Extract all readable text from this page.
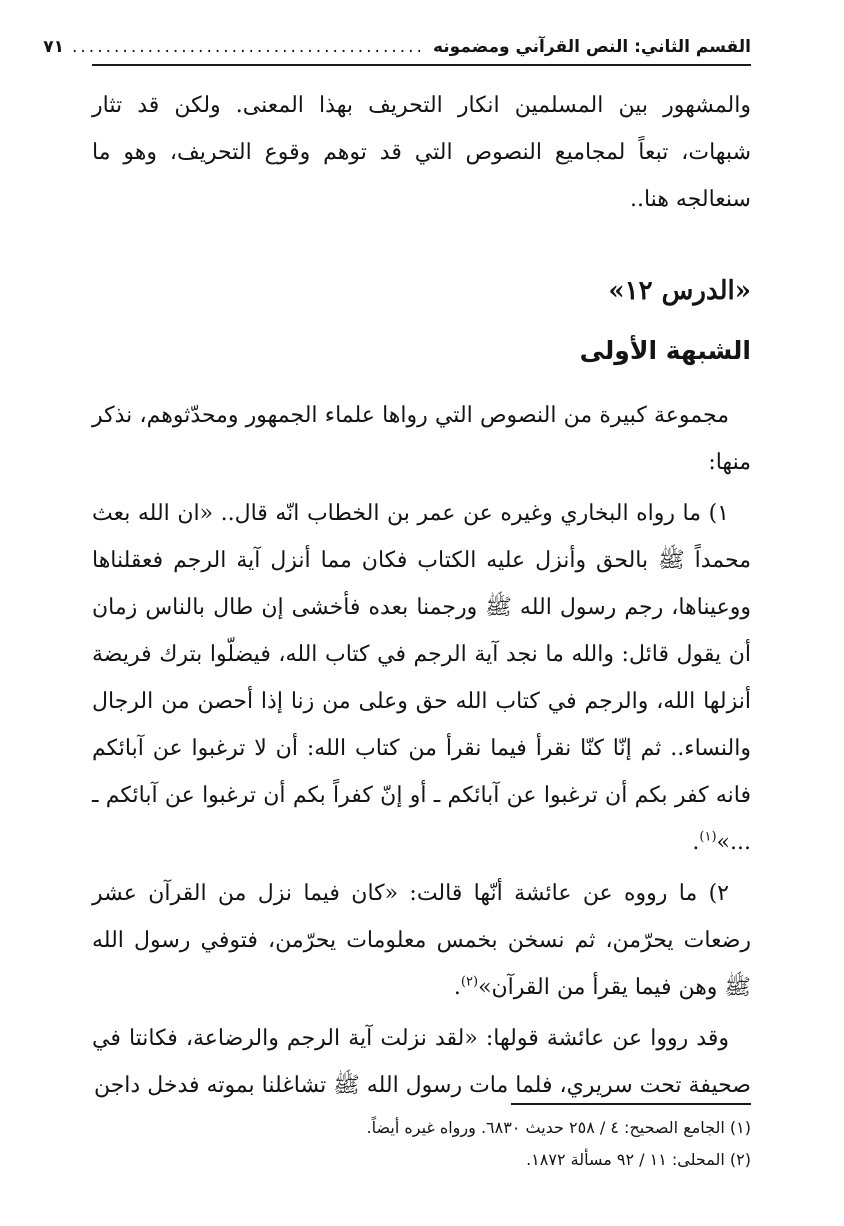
القسم الثاني: النص القرآني ومضمونه
..........................................
٧١

والمشهور بين المسلمين انكار التحريف بهذا المعنى. ولكن قد تثار شبهات، تبعاً لمجاميع النصوص التي قد توهم وقوع التحريف، وهو ما سنعالجه هنا..

«الدرس ١٢»
الشبهة الأولى

مجموعة كبيرة من النصوص التي رواها علماء الجمهور ومحدّثوهم، نذكر منها:

١) ما رواه البخاري وغيره عن عمر بن الخطاب انّه قال.. «ان الله بعث محمداً ﷺ بالحق وأنزل عليه الكتاب فكان مما أنزل آية الرجم فعقلناها ووعيناها، رجم رسول الله ﷺ ورجمنا بعده فأخشى إن طال بالناس زمان أن يقول قائل: والله ما نجد آية الرجم في كتاب الله، فيضلّوا بترك فريضة أنزلها الله، والرجم في كتاب الله حق وعلى من زنا إذا أحصن من الرجال والنساء.. ثم إنّا كنّا نقرأ فيما نقرأ من كتاب الله: أن لا ترغبوا عن آبائكم فانه كفر بكم أن ترغبوا عن آبائكم ـ أو إنّ كفراً بكم أن ترغبوا عن آبائكم ـ ...»$^{(١)}$.

٢) ما رووه عن عائشة أنّها قالت: «كان فيما نزل من القرآن عشر رضعات يحرّمن، ثم نسخن بخمس معلومات يحرّمن، فتوفي رسول الله ﷺ وهن فيما يقرأ من القرآن»$^{(٢)}$.

وقد رووا عن عائشة قولها: «لقد نزلت آية الرجم والرضاعة، فكانتا في صحيفة تحت سريري، فلما مات رسول الله ﷺ تشاغلنا بموته فدخل داجن

(١) الجامع الصحيح: ٤ / ٢٥٨ حديث ٦٨٣٠. ورواه غيره أيضاً.
(٢) المحلى: ١١ / ٩٢ مسألة ١٨٧٢.
